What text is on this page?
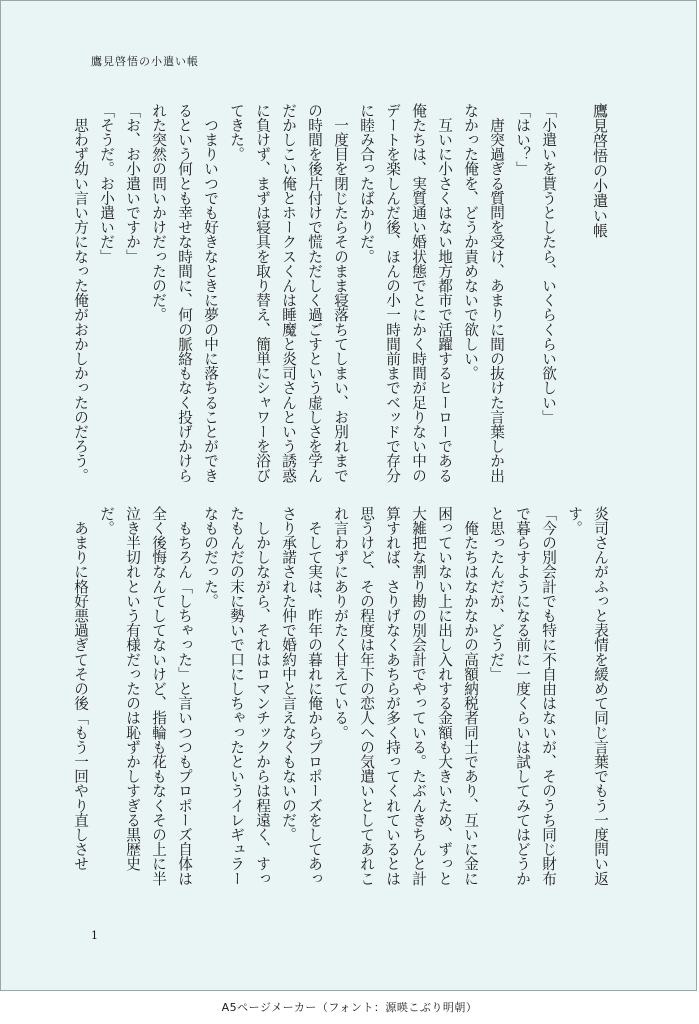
鷹見啓悟の小遣い帳

鷹見啓悟の小遣い帳

「小遣いを貰うとしたら、いくらくらい欲しい」

「はい？」

　唐突過ぎる質問を受け、あまりに間の抜けた言葉しか出なかった俺を、どうか責めないで欲しい。

　互いに小さくはない地方都市で活躍するヒーローである俺たちは、実質通い婚状態でとにかく時間が足りない中のデートを楽しんだ後、ほんの小一時間前までベッドで存分に睦み合ったばかりだ。

　一度目を閉じたらそのまま寝落ちてしまい、お別れまでの時間を後片付けで慌ただしく過ごすという虚しさを学んだかしこい俺とホークスくんは睡魔と炎司さんという誘惑に負けず、まずは寝具を取り替え、簡単にシャワーを浴びてきた。

　つまりいつでも好きなときに夢の中に落ちることができるという何とも幸せな時間に、何の脈絡もなく投げかけられた突然の問いかけだったのだ。

「お、お小遣いですか」

「そうだ。お小遣いだ」

　思わず幼い言い方になった俺がおかしかったのだろう。

炎司さんがふっと表情を緩めて同じ言葉でもう一度問い返す。

「今の別会計でも特に不自由はないが、そのうち同じ財布で暮らすようになる前に一度くらいは試してみてはどうかと思ったんだが、どうだ」

　俺たちはなかなかの高額納税者同士であり、互いに金に困っていない上に出し入れする金額も大きいため、ずっと大雑把な割り勘の別会計でやっている。たぶんきちんと計算すれば、さりげなくあちらが多く持ってくれているとは思うけど、その程度は年下の恋人への気遣いとしてあれこれ言わずにありがたく甘えている。

　そして実は、昨年の暮れに俺からプロポーズをしてあっさり承諾された仲で婚約中と言えなくもないのだ。

　しかしながら、それはロマンチックからは程遠く、すったもんだの末に勢いで口にしちゃったというイレギュラーなものだった。

　もちろん「しちゃった」と言いつつもプロポーズ自体は全く後悔なんてしてないけど、指輪も花もなくその上に半泣き半切れという有様だったのは恥ずかしすぎる黒歴史だ。

　あまりに格好悪過ぎてその後「もう一回やり直しさせ

1
A5ページメーカー（フォント：源暎こぶり明朝）
